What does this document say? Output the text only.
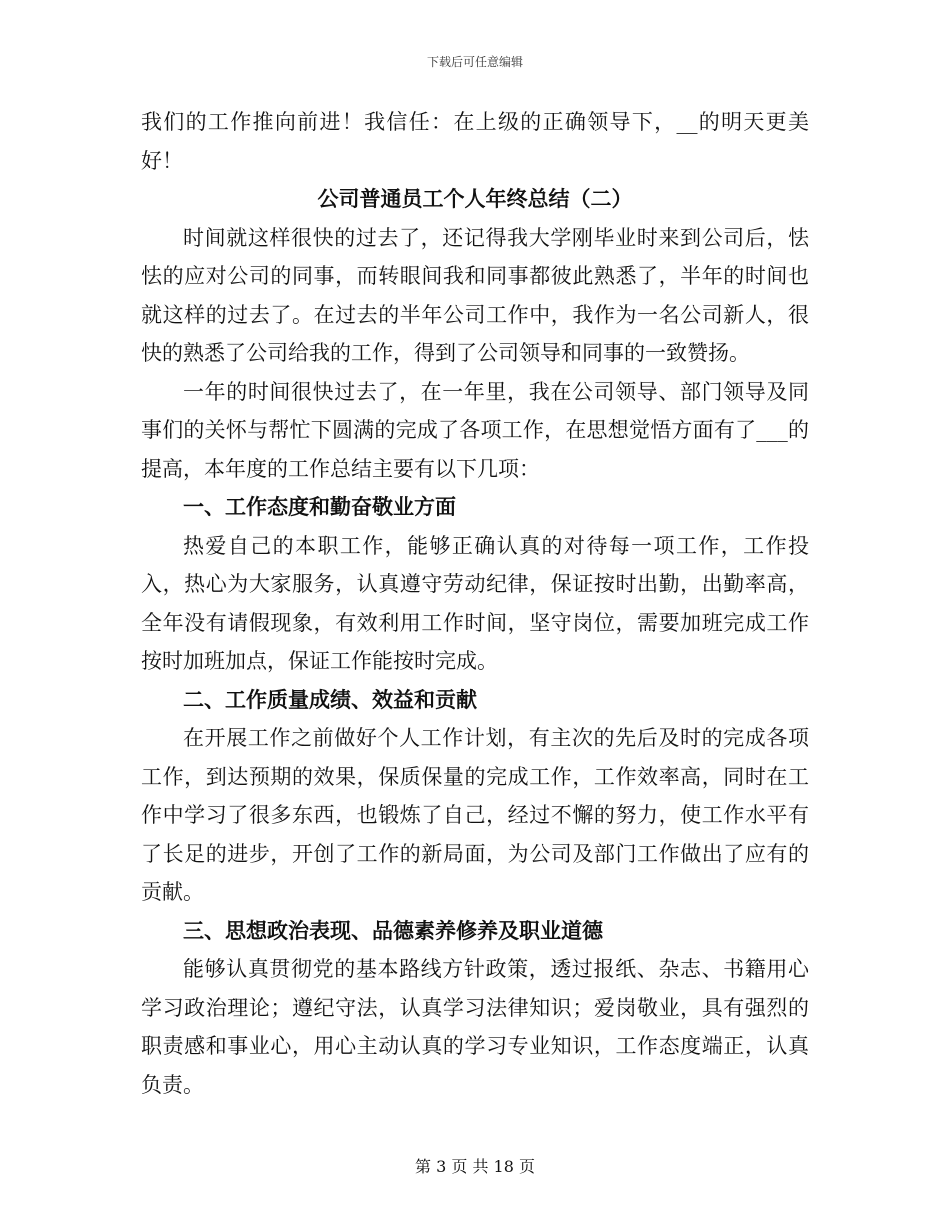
下载后可任意编辑

我们的工作推向前进！我信任：在上级的正确领导下，__的明天更美好！

公司普通员工个人年终总结（二）

时间就这样很快的过去了，还记得我大学刚毕业时来到公司后，怯怯的应对公司的同事，而转眼间我和同事都彼此熟悉了，半年的时间也就这样的过去了。在过去的半年公司工作中，我作为一名公司新人，很快的熟悉了公司给我的工作，得到了公司领导和同事的一致赞扬。

一年的时间很快过去了，在一年里，我在公司领导、部门领导及同事们的关怀与帮忙下圆满的完成了各项工作，在思想觉悟方面有了___的提高，本年度的工作总结主要有以下几项：

一、工作态度和勤奋敬业方面

热爱自己的本职工作，能够正确认真的对待每一项工作，工作投入，热心为大家服务，认真遵守劳动纪律，保证按时出勤，出勤率高，全年没有请假现象，有效利用工作时间，坚守岗位，需要加班完成工作按时加班加点，保证工作能按时完成。

二、工作质量成绩、效益和贡献

在开展工作之前做好个人工作计划，有主次的先后及时的完成各项工作，到达预期的效果，保质保量的完成工作，工作效率高，同时在工作中学习了很多东西，也锻炼了自己，经过不懈的努力，使工作水平有了长足的进步，开创了工作的新局面，为公司及部门工作做出了应有的贡献。

三、思想政治表现、品德素养修养及职业道德

能够认真贯彻党的基本路线方针政策，透过报纸、杂志、书籍用心学习政治理论；遵纪守法，认真学习法律知识；爱岗敬业，具有强烈的职责感和事业心，用心主动认真的学习专业知识，工作态度端正，认真负责。

第 3 页 共 18 页
